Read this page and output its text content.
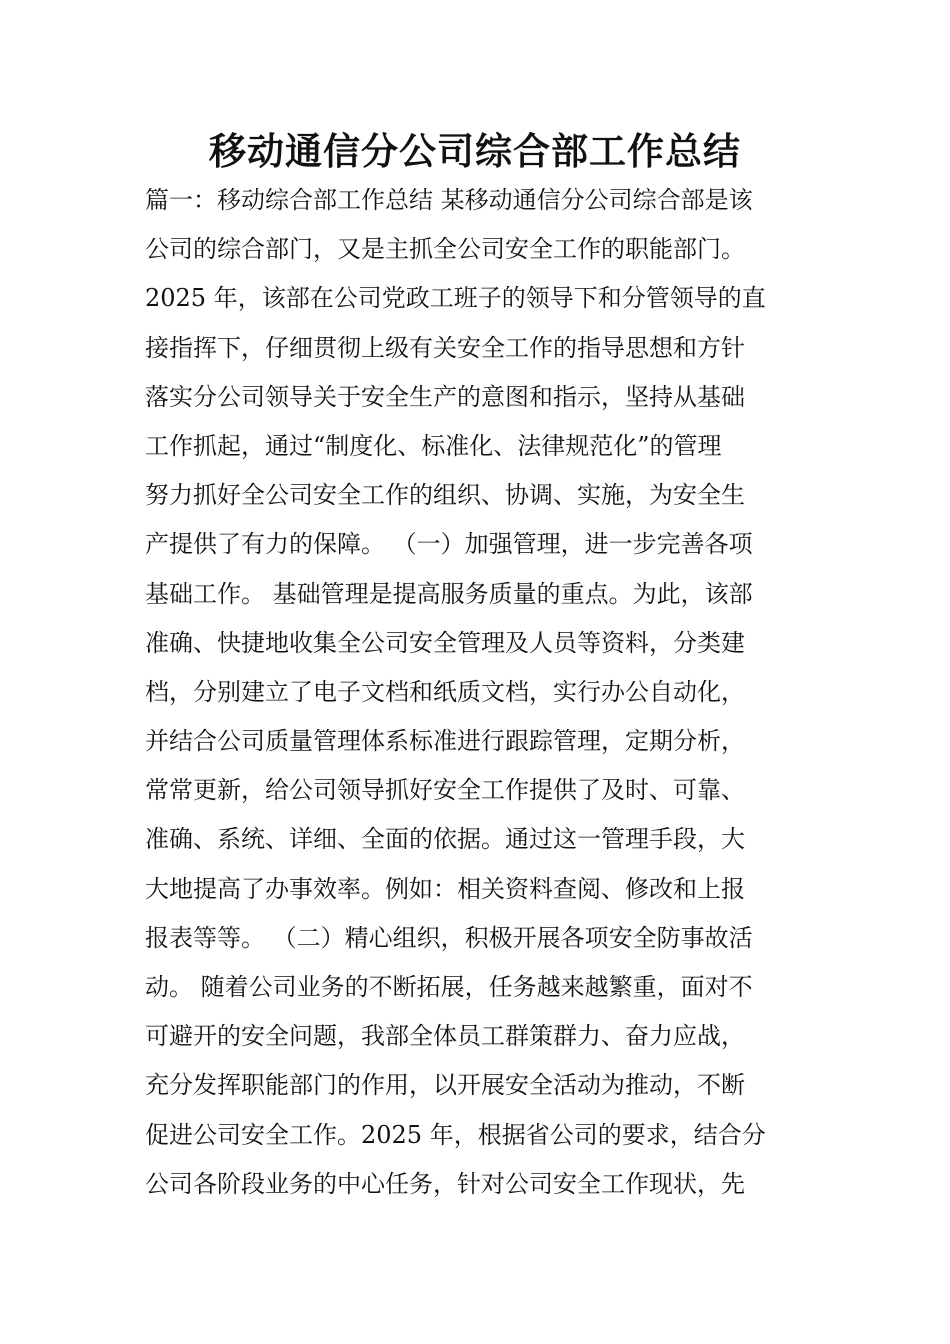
移动通信分公司综合部工作总结
篇一：移动综合部工作总结 某移动通信分公司综合部是该
公司的综合部门，又是主抓全公司安全工作的职能部门。
2025 年，该部在公司党政工班子的领导下和分管领导的直
接指挥下，仔细贯彻上级有关安全工作的指导思想和方针
落实分公司领导关于安全生产的意图和指示，坚持从基础
工作抓起，通过“制度化、标准化、法律规范化”的管理
努力抓好全公司安全工作的组织、协调、实施，为安全生
产提供了有力的保障。 （一）加强管理，进一步完善各项
基础工作。 基础管理是提高服务质量的重点。为此，该部
准确、快捷地收集全公司安全管理及人员等资料，分类建
档，分别建立了电子文档和纸质文档，实行办公自动化，
并结合公司质量管理体系标准进行跟踪管理，定期分析，
常常更新，给公司领导抓好安全工作提供了及时、可靠、
准确、系统、详细、全面的依据。通过这一管理手段，大
大地提高了办事效率。例如：相关资料查阅、修改和上报
报表等等。 （二）精心组织，积极开展各项安全防事故活
动。 随着公司业务的不断拓展，任务越来越繁重，面对不
可避开的安全问题，我部全体员工群策群力、奋力应战，
充分发挥职能部门的作用，以开展安全活动为推动，不断
促进公司安全工作。2025 年，根据省公司的要求，结合分
公司各阶段业务的中心任务，针对公司安全工作现状，先
